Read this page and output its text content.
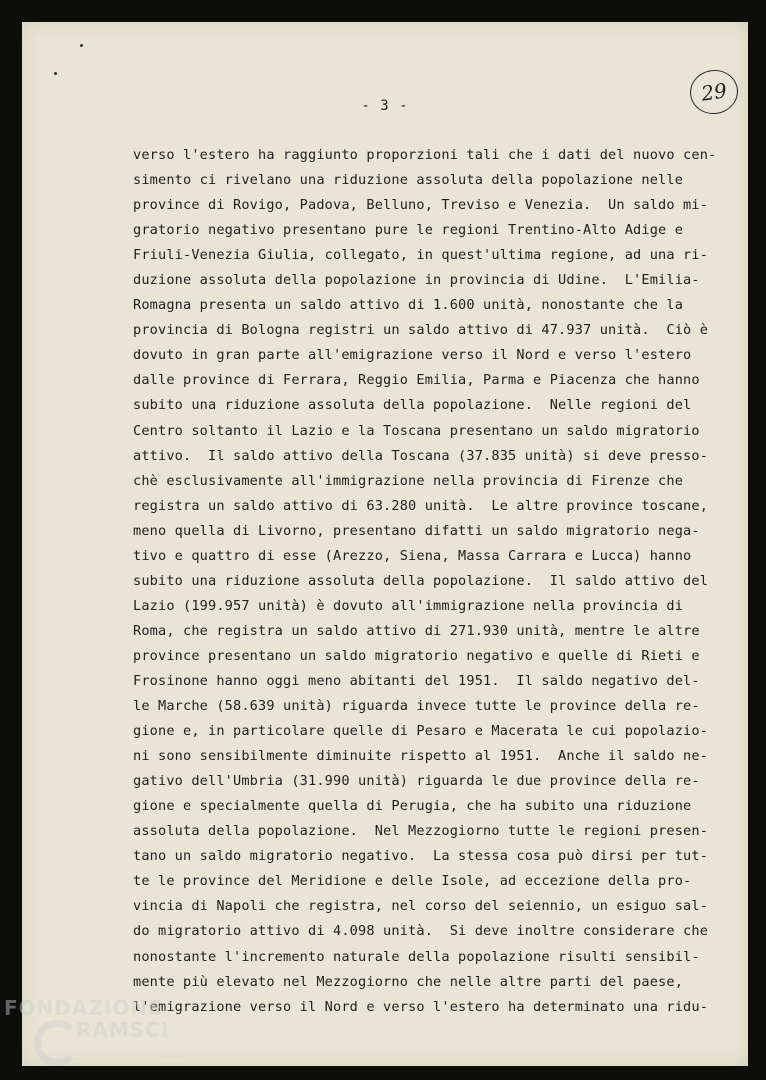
- 3 -
29
verso l'estero ha raggiunto proporzioni tali che i dati del nuovo cen-
simento ci rivelano una riduzione assoluta della popolazione nelle
province di Rovigo, Padova, Belluno, Treviso e Venezia.  Un saldo mi-
gratorio negativo presentano pure le regioni Trentino-Alto Adige e
Friuli-Venezia Giulia, collegato, in quest'ultima regione, ad una ri-
duzione assoluta della popolazione in provincia di Udine.  L'Emilia-
Romagna presenta un saldo attivo di 1.600 unità, nonostante che la
provincia di Bologna registri un saldo attivo di 47.937 unità.  Ciò è
dovuto in gran parte all'emigrazione verso il Nord e verso l'estero
dalle province di Ferrara, Reggio Emilia, Parma e Piacenza che hanno
subito una riduzione assoluta della popolazione.  Nelle regioni del
Centro soltanto il Lazio e la Toscana presentano un saldo migratorio
attivo.  Il saldo attivo della Toscana (37.835 unità) si deve presso-
chè esclusivamente all'immigrazione nella provincia di Firenze che
registra un saldo attivo di 63.280 unità.  Le altre province toscane,
meno quella di Livorno, presentano difatti un saldo migratorio nega-
tivo e quattro di esse (Arezzo, Siena, Massa Carrara e Lucca) hanno
subito una riduzione assoluta della popolazione.  Il saldo attivo del
Lazio (199.957 unità) è dovuto all'immigrazione nella provincia di
Roma, che registra un saldo attivo di 271.930 unità, mentre le altre
province presentano un saldo migratorio negativo e quelle di Rieti e
Frosinone hanno oggi meno abitanti del 1951.  Il saldo negativo del-
le Marche (58.639 unità) riguarda invece tutte le province della re-
gione e, in particolare quelle di Pesaro e Macerata le cui popolazio-
ni sono sensibilmente diminuite rispetto al 1951.  Anche il saldo ne-
gativo dell'Umbria (31.990 unità) riguarda le due province della re-
gione e specialmente quella di Perugia, che ha subito una riduzione
assoluta della popolazione.  Nel Mezzogiorno tutte le regioni presen-
tano un saldo migratorio negativo.  La stessa cosa può dirsi per tut-
te le province del Meridione e delle Isole, ad eccezione della pro-
vincia di Napoli che registra, nel corso del seiennio, un esiguo sal-
do migratorio attivo di 4.098 unità.  Si deve inoltre considerare che
nonostante l'incremento naturale della popolazione risulti sensibil-
mente più elevato nel Mezzogiorno che nelle altre parti del paese,
l'emigrazione verso il Nord e verso l'estero ha determinato una ridu-
FONDAZIONE
RAMSCI
onlus
